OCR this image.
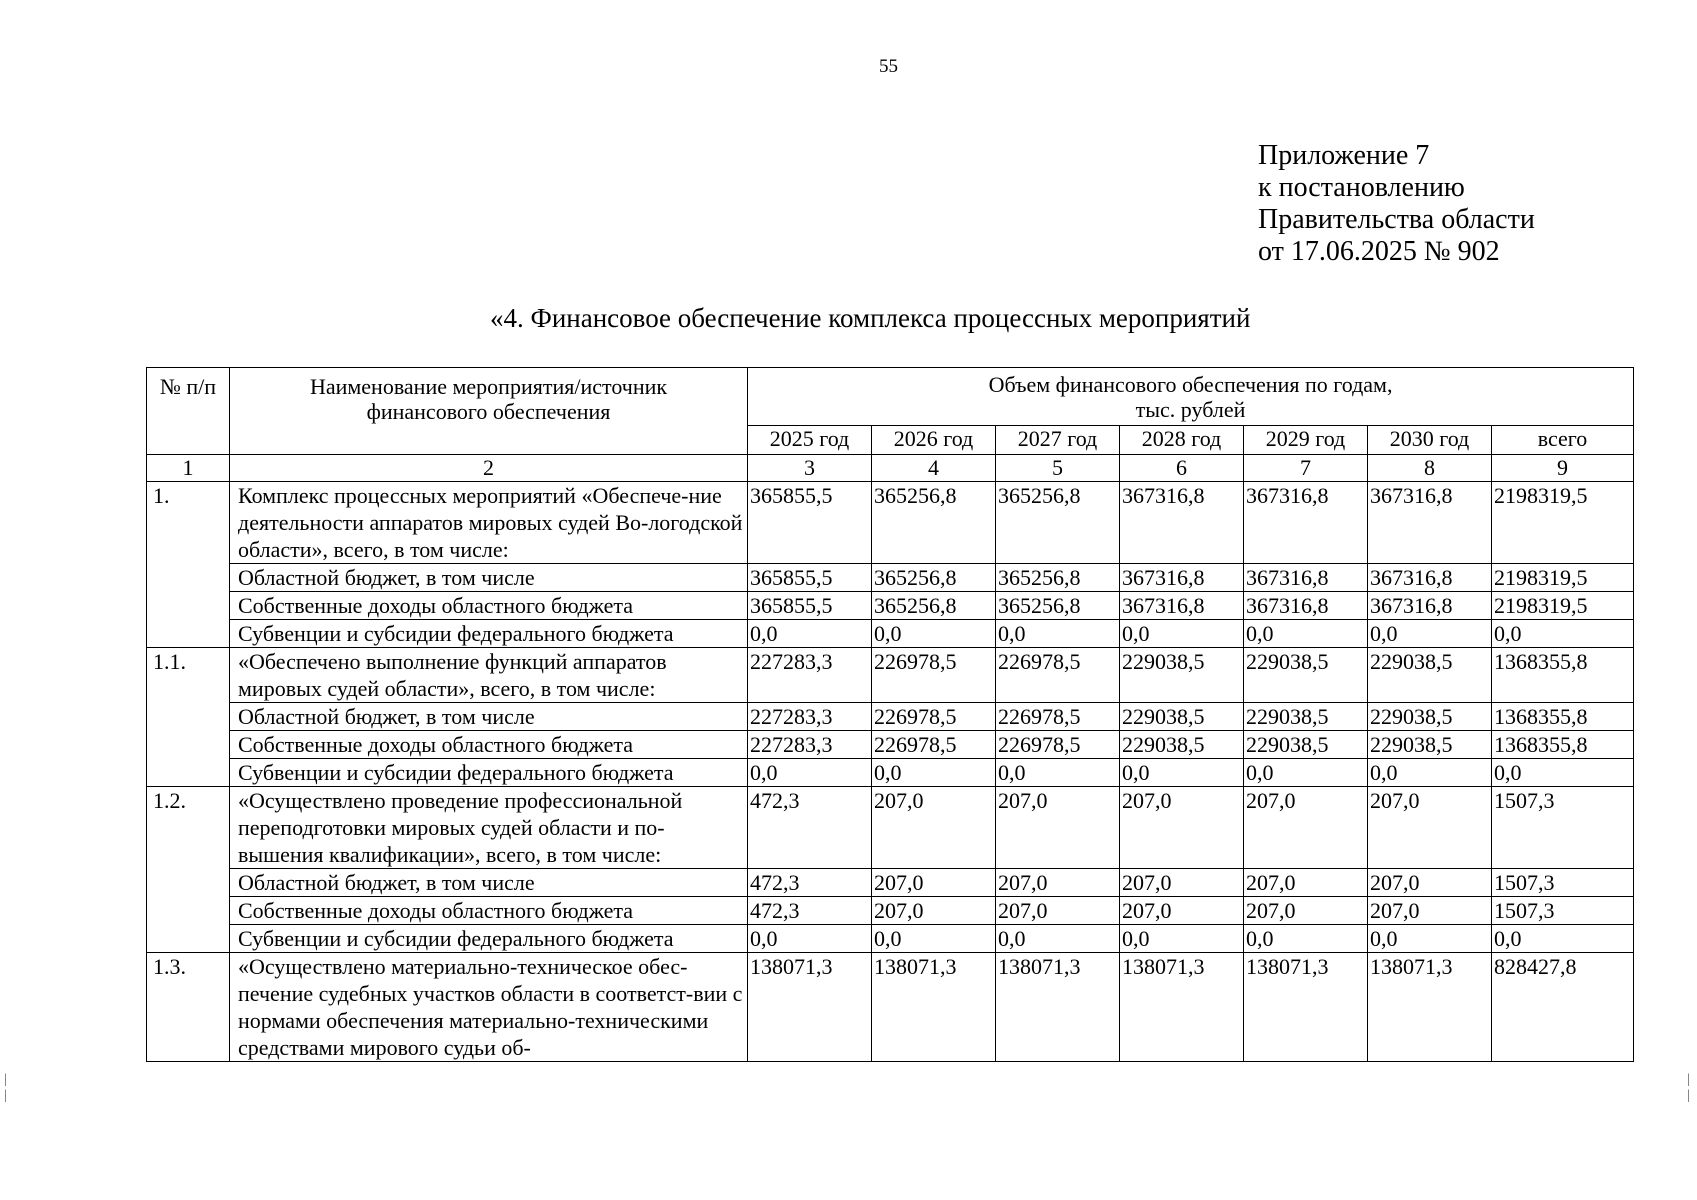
55
Приложение 7
к постановлению
Правительства области
от 17.06.2025 № 902
«4. Финансовое обеспечение комплекса процессных мероприятий
№ п/п	Наименование мероприятия/источник финансового обеспечения	Объем финансового обеспечения по годам, тыс. рублей						
		2025 год	2026 год	2027 год	2028 год	2029 год	2030 год	всего
1	2	3	4	5	6	7	8	9
1.	Комплекс процессных мероприятий «Обеспече-ние деятельности аппаратов мировых судей Во-логодской области», всего, в том числе:	365855,5	365256,8	365256,8	367316,8	367316,8	367316,8	2198319,5
	Областной бюджет, в том числе	365855,5	365256,8	365256,8	367316,8	367316,8	367316,8	2198319,5
	Собственные доходы областного бюджета	365855,5	365256,8	365256,8	367316,8	367316,8	367316,8	2198319,5
	Субвенции и субсидии федерального бюджета	0,0	0,0	0,0	0,0	0,0	0,0	0,0
1.1.	«Обеспечено выполнение функций аппаратов мировых судей области», всего, в том числе:	227283,3	226978,5	226978,5	229038,5	229038,5	229038,5	1368355,8
	Областной бюджет, в том числе	227283,3	226978,5	226978,5	229038,5	229038,5	229038,5	1368355,8
	Собственные доходы областного бюджета	227283,3	226978,5	226978,5	229038,5	229038,5	229038,5	1368355,8
	Субвенции и субсидии федерального бюджета	0,0	0,0	0,0	0,0	0,0	0,0	0,0
1.2.	«Осуществлено проведение профессиональной переподготовки мировых судей области и по-вышения квалификации», всего, в том числе:	472,3	207,0	207,0	207,0	207,0	207,0	1507,3
	Областной бюджет, в том числе	472,3	207,0	207,0	207,0	207,0	207,0	1507,3
	Собственные доходы областного бюджета	472,3	207,0	207,0	207,0	207,0	207,0	1507,3
	Субвенции и субсидии федерального бюджета	0,0	0,0	0,0	0,0	0,0	0,0	0,0
1.3.	«Осуществлено материально-техническое обес-печение судебных участков области в соответст-вии с нормами обеспечения материально-техническими средствами мирового судьи об-	138071,3	138071,3	138071,3	138071,3	138071,3	138071,3	828427,8
|
|
|
|
